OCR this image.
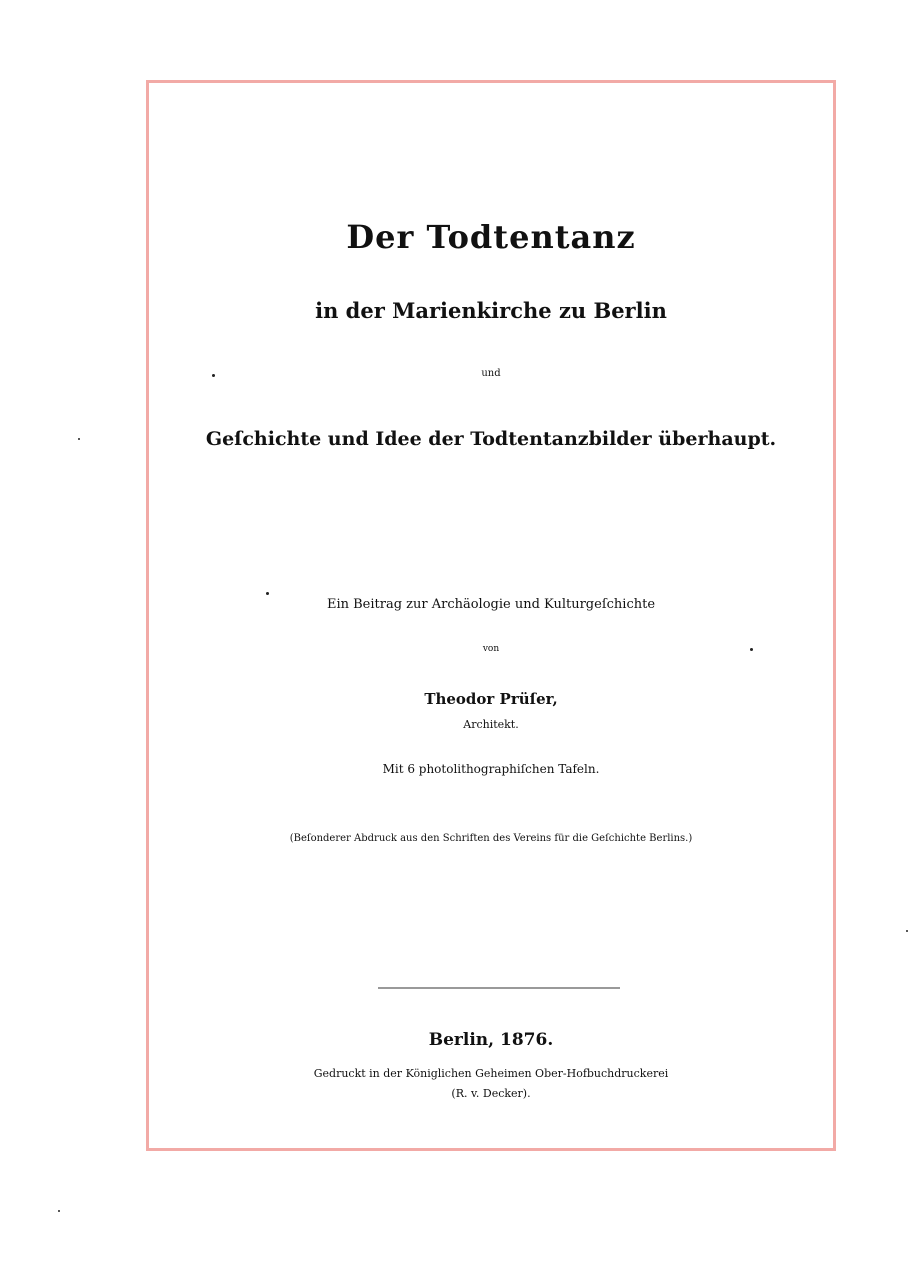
Der Todtentanz
in der Marienkirche zu Berlin
und
Geſchichte und Idee der Todtentanzbilder überhaupt.
Ein Beitrag zur Archäologie und Kulturgeſchichte
von
Theodor Prüſer,
Architekt.
Mit 6 photolithographiſchen Tafeln.
(Beſonderer Abdruck aus den Schriften des Vereins für die Geſchichte Berlins.)
Berlin, 1876.
Gedruckt in der Königlichen Geheimen Ober-Hofbuchdruckerei
(R. v. Decker).
